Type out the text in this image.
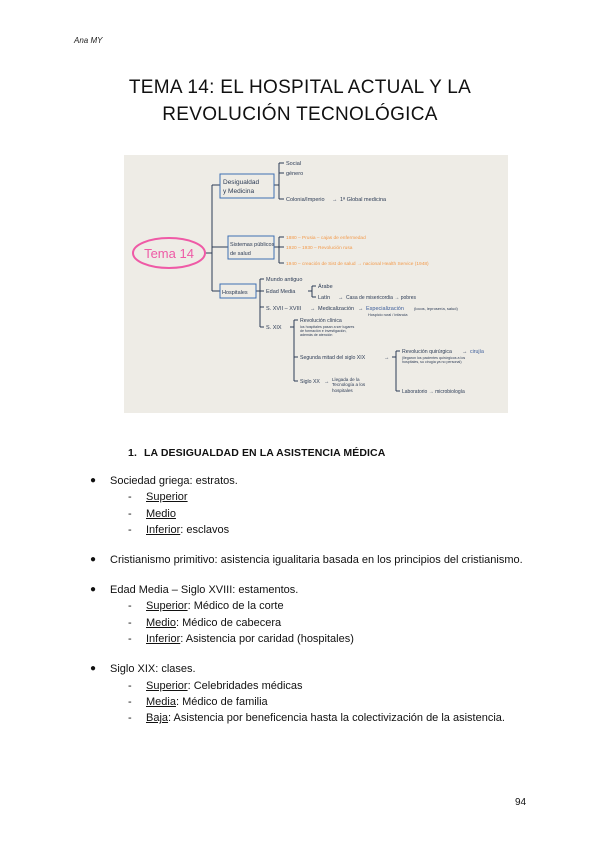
Ana MY
TEMA 14: EL HOSPITAL ACTUAL Y LA
REVOLUCIÓN TECNOLÓGICA
Tema 14
Desigualdad
y Medicina
Social
género
Colonia/Imperio → 1ª Global medicina
Sistemas públicos
de salud
1880 – Prusia – cajas de enfermedad
1920 – 1930 – Revolución rusa
1940 – creación de Sist de salud → nacional Health Service (1948)
Hospitales
Mundo antiguo
Edad Media
Árabe
Latín → Casa de misericordia → pobres
S. XVII – XVIII → Medicalización → Especialización	(locos, leprosería, salud)
Hospicio rural / infancia
S. XIX
Revolución clínica
los hospitales pasan a ser lugares de formación e investigación, además de atención
Segunda mitad del siglo XIX	→
Revolución quirúrgica → cirujía
(llegaron los pacientes quirúrgicos a los hospitales, su cirugía ya no personal)
Laboratorio → microbiología
Siglo XX → Llegada de la Tecnología a los hospitales
1. LA DESIGUALDAD EN LA ASISTENCIA MÉDICA
●	Sociedad griega: estratos.
- Superior
- Medio
- Inferior: esclavos
●	Cristianismo primitivo: asistencia igualitaria basada en los principios del cristianismo.
●	Edad Media – Siglo XVIII: estamentos.
- Superior: Médico de la corte
- Medio: Médico de cabecera
- Inferior: Asistencia por caridad (hospitales)
●	Siglo XIX: clases.
- Superior: Celebridades médicas
- Media: Médico de familia
- Baja: Asistencia por beneficencia hasta la colectivización de la asistencia.
94
